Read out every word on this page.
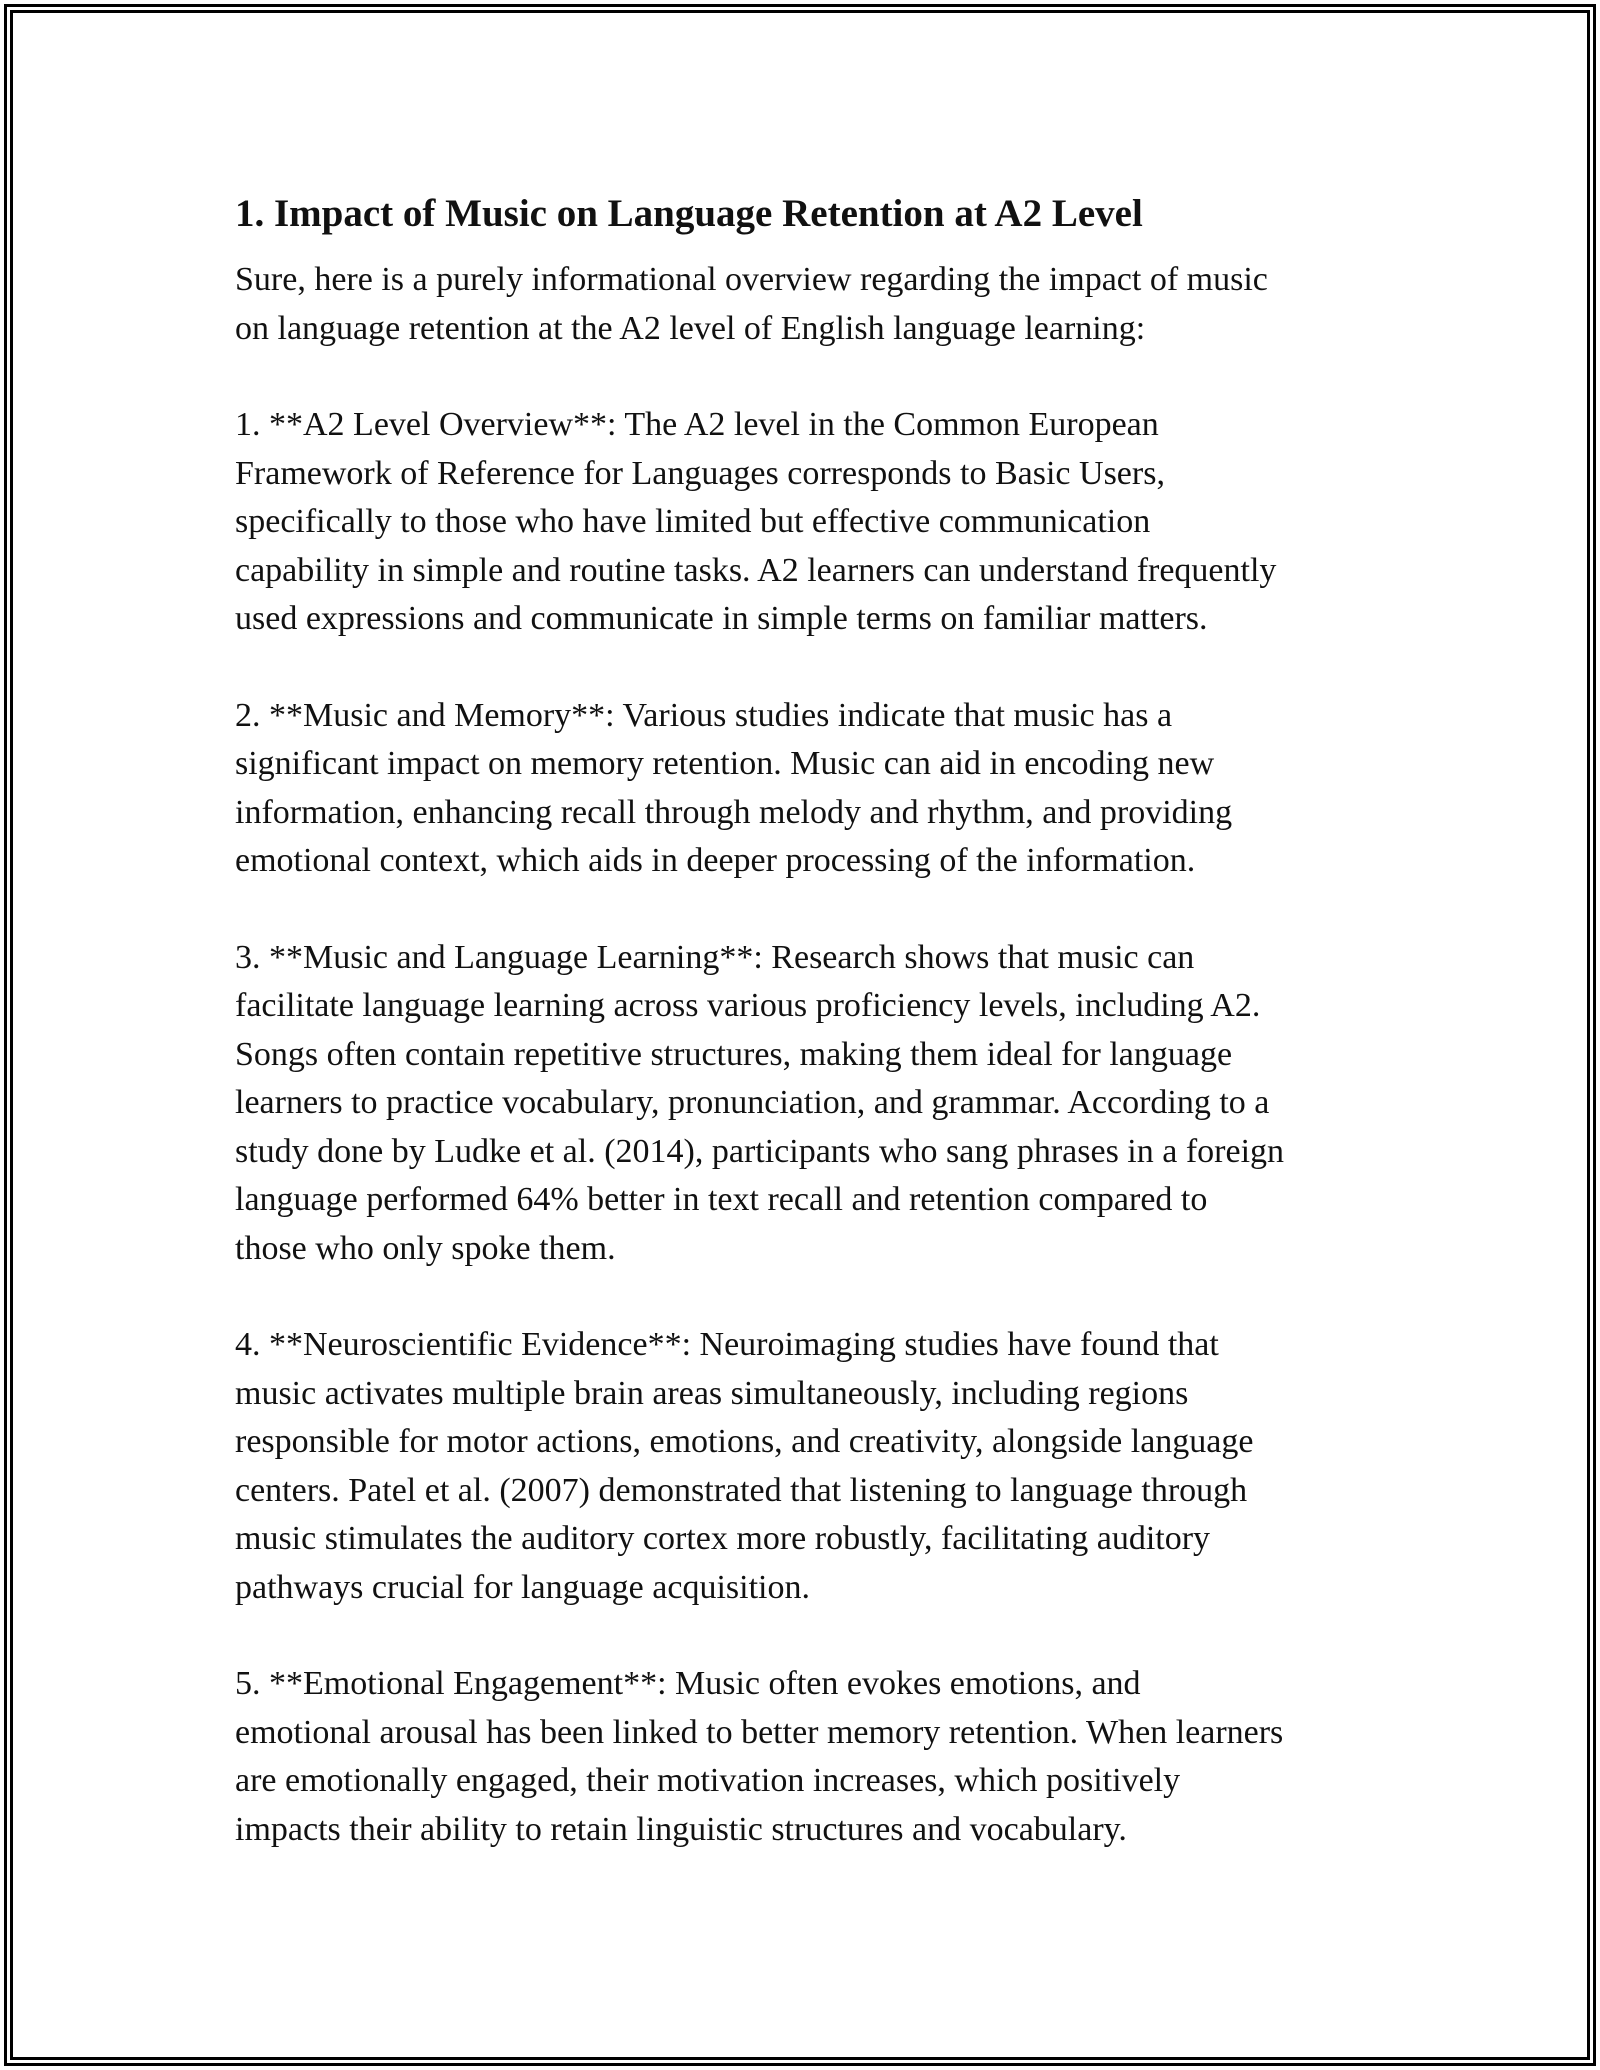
1. Impact of Music on Language Retention at A2 Level

Sure, here is a purely informational overview regarding the impact of music
on language retention at the A2 level of English language learning:

1. **A2 Level Overview**: The A2 level in the Common European
Framework of Reference for Languages corresponds to Basic Users,
specifically to those who have limited but effective communication
capability in simple and routine tasks. A2 learners can understand frequently
used expressions and communicate in simple terms on familiar matters.

2. **Music and Memory**: Various studies indicate that music has a
significant impact on memory retention. Music can aid in encoding new
information, enhancing recall through melody and rhythm, and providing
emotional context, which aids in deeper processing of the information.

3. **Music and Language Learning**: Research shows that music can
facilitate language learning across various proficiency levels, including A2.
Songs often contain repetitive structures, making them ideal for language
learners to practice vocabulary, pronunciation, and grammar. According to a
study done by Ludke et al. (2014), participants who sang phrases in a foreign
language performed 64% better in text recall and retention compared to
those who only spoke them.

4. **Neuroscientific Evidence**: Neuroimaging studies have found that
music activates multiple brain areas simultaneously, including regions
responsible for motor actions, emotions, and creativity, alongside language
centers. Patel et al. (2007) demonstrated that listening to language through
music stimulates the auditory cortex more robustly, facilitating auditory
pathways crucial for language acquisition.

5. **Emotional Engagement**: Music often evokes emotions, and
emotional arousal has been linked to better memory retention. When learners
are emotionally engaged, their motivation increases, which positively
impacts their ability to retain linguistic structures and vocabulary.
